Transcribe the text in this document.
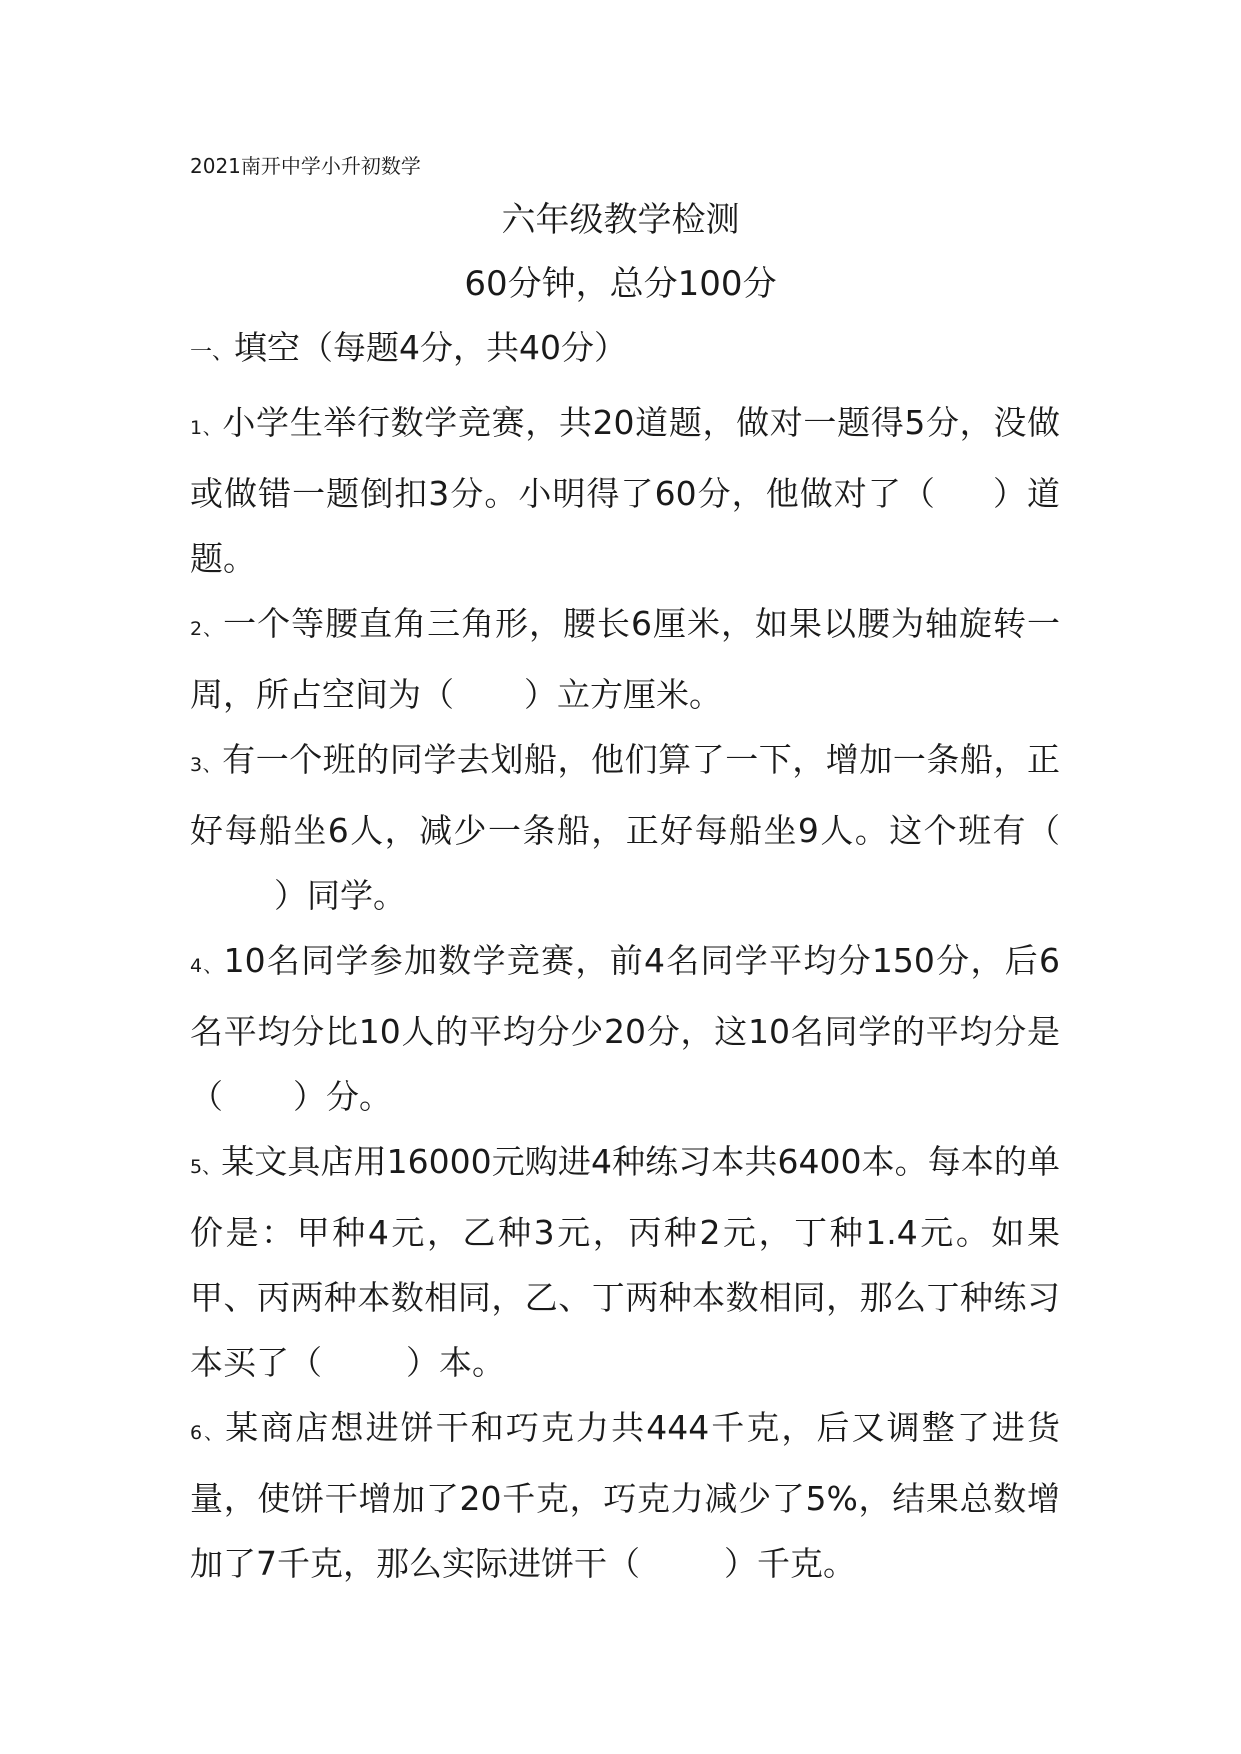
2021南开中学小升初数学
六年级教学检测
60分钟，总分100分
一、填空（每题4分，共40分）
1、小学生举行数学竞赛，共20道题，做对一题得5分，没做或做错一题倒扣3分。小明得了60分，他做对了（ ）道题。
2、一个等腰直角三角形，腰长6厘米，如果以腰为轴旋转一周，所占空间为（ ）立方厘米。
3、有一个班的同学去划船，他们算了一下，增加一条船，正好每船坐6人，减少一条船，正好每船坐9人。这个班有（）同学。
4、10名同学参加数学竞赛，前4名同学平均分150分，后6名平均分比10人的平均分少20分，这10名同学的平均分是（ ）分。
5、某文具店用16000元购进4种练习本共6400本。每本的单价是：甲种4元，乙种3元，丙种2元，丁种1.4元。如果甲、丙两种本数相同，乙、丁两种本数相同，那么丁种练习本买了（	）本。
6、某商店想进饼干和巧克力共444千克，后又调整了进货量，使饼干增加了20千克，巧克力减少了5%，结果总数增加了7千克，那么实际进饼干（	）千克。
